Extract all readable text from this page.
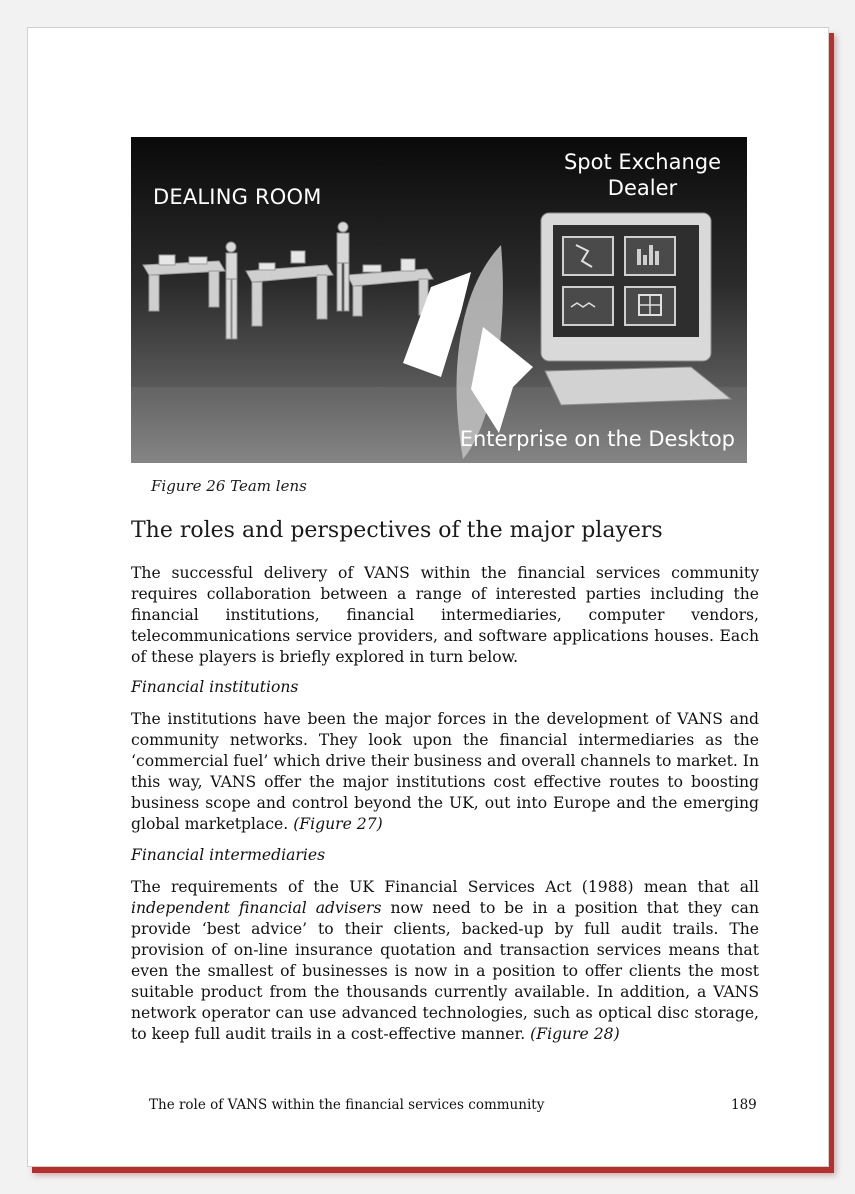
DEALING ROOM
Spot Exchange
Dealer
Enterprise on the Desktop
Figure 26 Team lens
The roles and perspectives of the major players

The successful delivery of VANS within the financial services community requires collaboration between a range of interested parties including the financial institutions, financial intermediaries, computer vendors, telecommunications service providers, and software applications houses. Each of these players is briefly explored in turn below.

Financial institutions

The institutions have been the major forces in the development of VANS and community networks. They look upon the financial intermediaries as the ‘commercial fuel’ which drive their business and overall channels to market. In this way, VANS offer the major institutions cost effective routes to boosting business scope and control beyond the UK, out into Europe and the emerging global marketplace. (Figure 27)

Financial intermediaries

The requirements of the UK Financial Services Act (1988) mean that all independent financial advisers now need to be in a position that they can provide ‘best advice’ to their clients, backed-up by full audit trails. The provision of on-line insurance quotation and transaction services means that even the smallest of businesses is now in a position to offer clients the most suitable product from the thousands currently available. In addition, a VANS network operator can use advanced technologies, such as optical disc storage, to keep full audit trails in a cost-effective manner. (Figure 28)

The role of VANS within the financial services community	189
